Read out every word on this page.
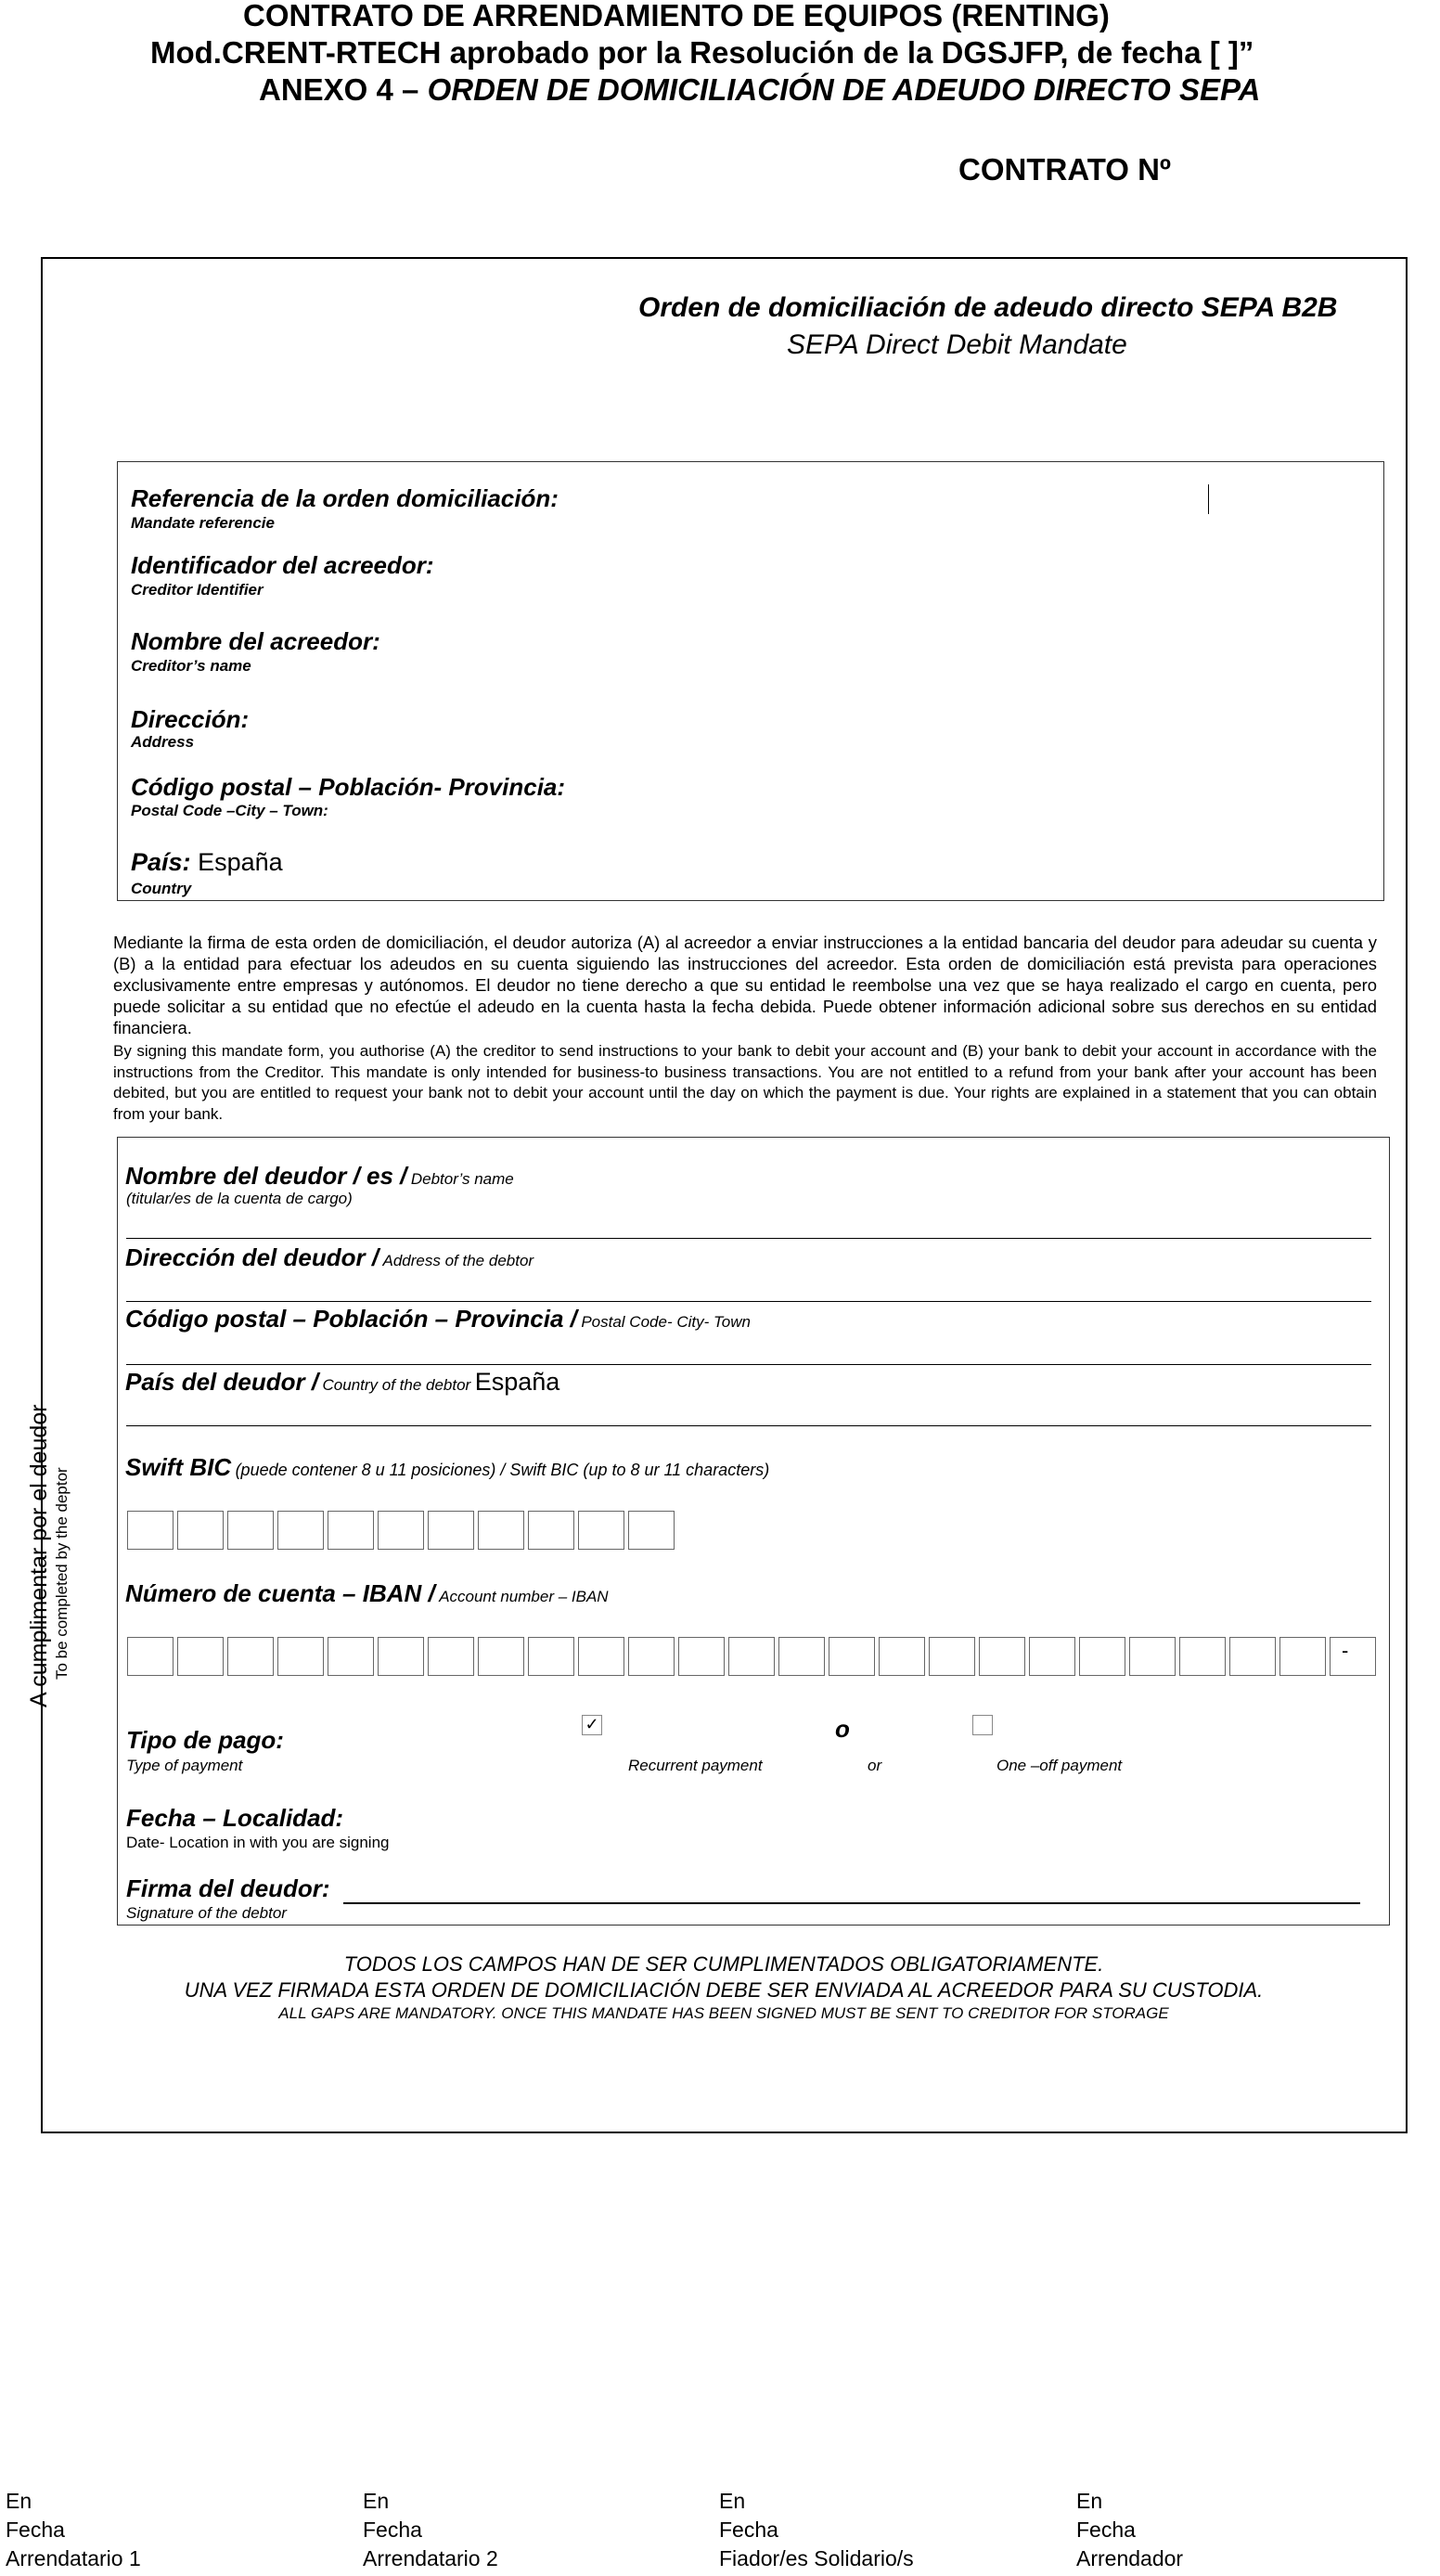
CONTRATO DE ARRENDAMIENTO DE EQUIPOS (RENTING)
Mod.CRENT-RTECH aprobado por la Resolución de la DGSJFP, de fecha [ ]”
ANEXO 4 – ORDEN DE DOMICILIACIÓN DE ADEUDO DIRECTO SEPA
CONTRATO Nº
Orden de domiciliación de adeudo directo SEPA B2B
SEPA Direct Debit Mandate
Referencia de la orden domiciliación:
Mandate referencie
Identificador del acreedor:
Creditor Identifier
Nombre del acreedor:
Creditor’s name
Dirección:
Address
Código postal – Población- Provincia:
Postal Code –City – Town:
País: España
Country
Mediante la firma de esta orden de domiciliación, el deudor autoriza (A) al acreedor a enviar instrucciones a la entidad bancaria del deudor para adeudar su cuenta y (B) a la entidad para efectuar los adeudos en su cuenta siguiendo las instrucciones del acreedor. Esta orden de domiciliación está prevista para operaciones exclusivamente entre empresas y autónomos. El deudor no tiene derecho a que su entidad le reembolse una vez que se haya realizado el cargo en cuenta, pero puede solicitar a su entidad que no efectúe el adeudo en la cuenta hasta la fecha debida. Puede obtener información adicional sobre sus derechos en su entidad financiera.
By signing this mandate form, you authorise (A) the creditor to send instructions to your bank to debit your account and (B) your bank to debit your account in accordance with the instructions from the Creditor. This mandate is only intended for business-to business transactions. You are not entitled to a refund from your bank after your account has been debited, but you are entitled to request your bank not to debit your account until the day on which the payment is due. Your rights are explained in a statement that you can obtain from your bank.
A cumplimentar por el deudor To be completed by the deptor
Nombre del deudor / es / Debtor’s name
(titular/es de la cuenta de cargo)
Dirección del deudor / Address of the debtor
Código postal – Población – Provincia / Postal Code- City- Town
País del deudor / Country of the debtor España
Swift BIC (puede contener 8 u 11 posiciones) / Swift BIC (up to 8 ur 11 characters)
Número de cuenta – IBAN / Account number – IBAN
-
Tipo de pago:
Type of payment
✓	o
Recurrent payment	or	One –off payment
Fecha – Localidad:
Date- Location in with you are signing
Firma del deudor:
Signature of the debtor
TODOS LOS CAMPOS HAN DE SER CUMPLIMENTADOS OBLIGATORIAMENTE.
UNA VEZ FIRMADA ESTA ORDEN DE DOMICILIACIÓN DEBE SER ENVIADA AL ACREEDOR PARA SU CUSTODIA.
ALL GAPS ARE MANDATORY. ONCE THIS MANDATE HAS BEEN SIGNED MUST BE SENT TO CREDITOR FOR STORAGE
En
Fecha
Arrendatario 1
En
Fecha
Arrendatario 2
En
Fecha
Fiador/es Solidario/s
En
Fecha
Arrendador
